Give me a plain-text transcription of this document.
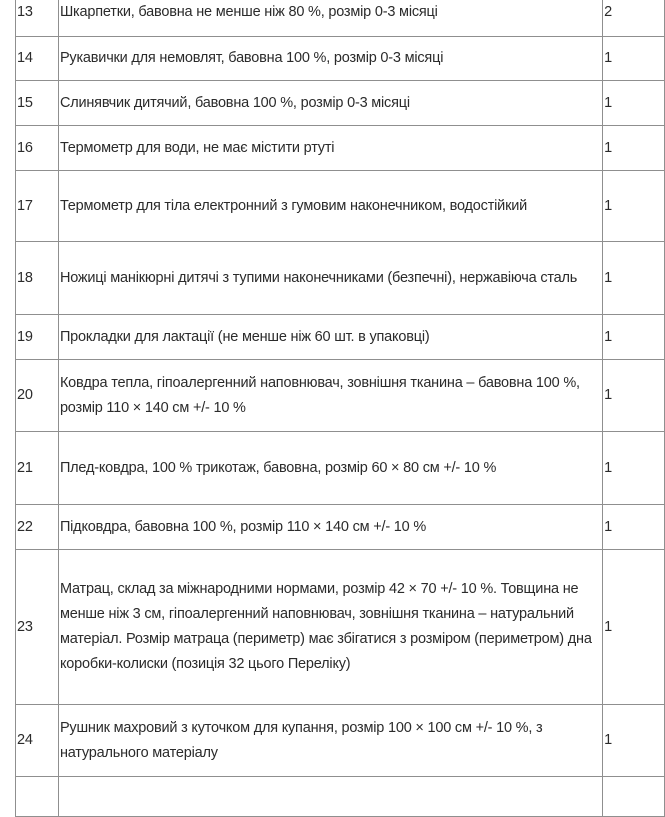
13	Шкарпетки, бавовна не менше ніж 80 %, розмір 0-3 місяці	2
14	Рукавички для немовлят, бавовна 100 %, розмір 0-3 місяці	1
15	Слинявчик дитячий, бавовна 100 %, розмір 0-3 місяці	1
16	Термометр для води, не має містити ртуті	1
17	Термометр для тіла електронний з гумовим наконечником, водостійкий	1
18	Ножиці манікюрні дитячі з тупими наконечниками (безпечні), нержавіюча сталь	1
19	Прокладки для лактації (не менше ніж 60 шт. в упаковці)	1
20	Ковдра тепла, гіпоалергенний наповнювач, зовнішня тканина – бавовна 100 %, розмір 110 × 140 см +/- 10 %	1
21	Плед-ковдра, 100 % трикотаж, бавовна, розмір 60 × 80 см +/- 10 %	1
22	Підковдра, бавовна 100 %, розмір 110 × 140 см +/- 10 %	1
23	Матрац, склад за міжнародними нормами, розмір 42 × 70 +/- 10 %. Товщина не менше ніж 3 см, гіпоалергенний наповнювач, зовнішня тканина – натуральний матеріал. Розмір матраца (периметр) має збігатися з розміром (периметром) дна коробки-колиски (позиція 32 цього Переліку)	1
24	Рушник махровий з куточком для купання, розмір 100 × 100 см +/- 10 %, з натурального матеріалу	1
